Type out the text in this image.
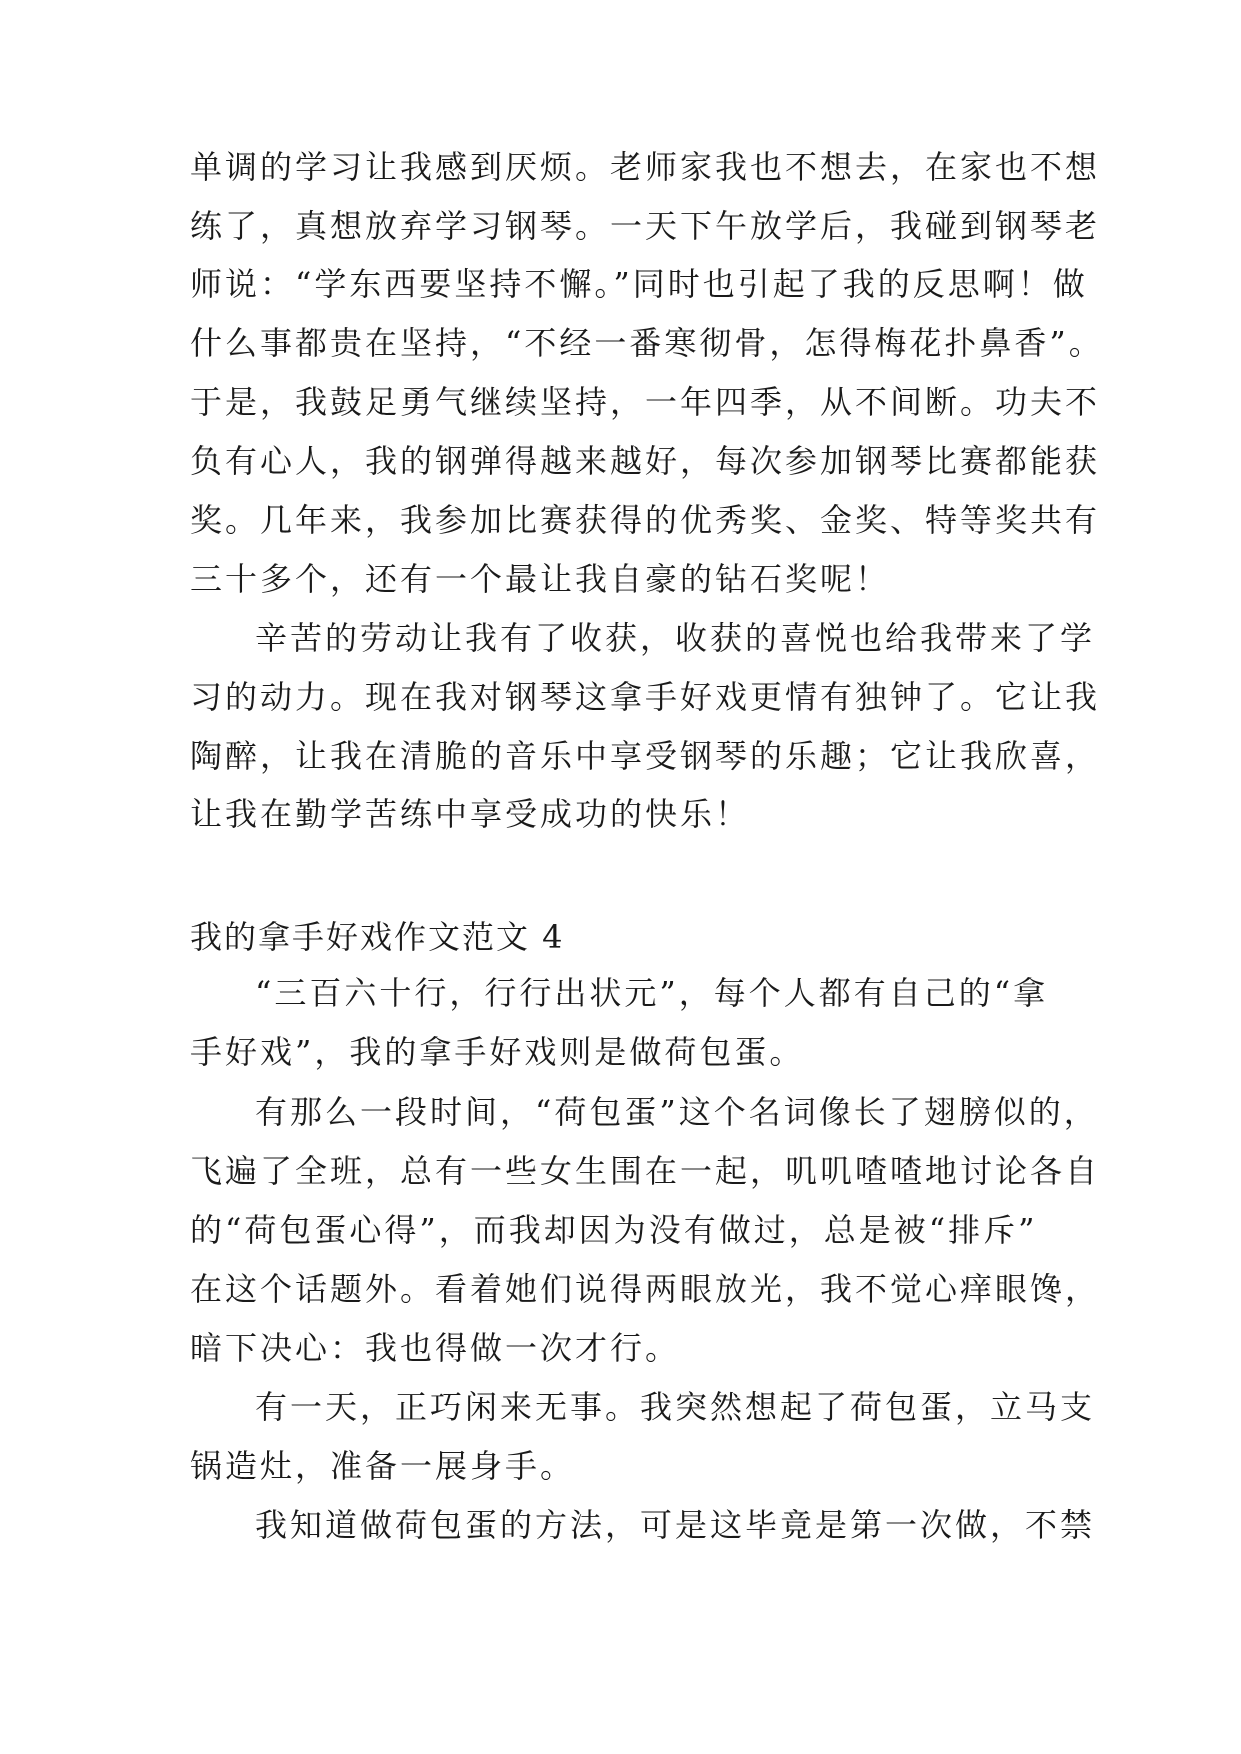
单调的学习让我感到厌烦。老师家我也不想去，在家也不想
练了，真想放弃学习钢琴。一天下午放学后，我碰到钢琴老
师说：“学东西要坚持不懈。”同时也引起了我的反思啊！做
什么事都贵在坚持，“不经一番寒彻骨，怎得梅花扑鼻香”。
于是，我鼓足勇气继续坚持，一年四季，从不间断。功夫不
负有心人，我的钢弹得越来越好，每次参加钢琴比赛都能获
奖。几年来，我参加比赛获得的优秀奖、金奖、特等奖共有
三十多个，还有一个最让我自豪的钻石奖呢！
辛苦的劳动让我有了收获，收获的喜悦也给我带来了学
习的动力。现在我对钢琴这拿手好戏更情有独钟了。它让我
陶醉，让我在清脆的音乐中享受钢琴的乐趣；它让我欣喜，
让我在勤学苦练中享受成功的快乐！
我的拿手好戏作文范文 4
“三百六十行，行行出状元”，每个人都有自己的“拿
手好戏”，我的拿手好戏则是做荷包蛋。
有那么一段时间，“荷包蛋”这个名词像长了翅膀似的，
飞遍了全班，总有一些女生围在一起，叽叽喳喳地讨论各自
的“荷包蛋心得”，而我却因为没有做过，总是被“排斥”
在这个话题外。看着她们说得两眼放光，我不觉心痒眼馋，
暗下决心：我也得做一次才行。
有一天，正巧闲来无事。我突然想起了荷包蛋，立马支
锅造灶，准备一展身手。
我知道做荷包蛋的方法，可是这毕竟是第一次做，不禁
